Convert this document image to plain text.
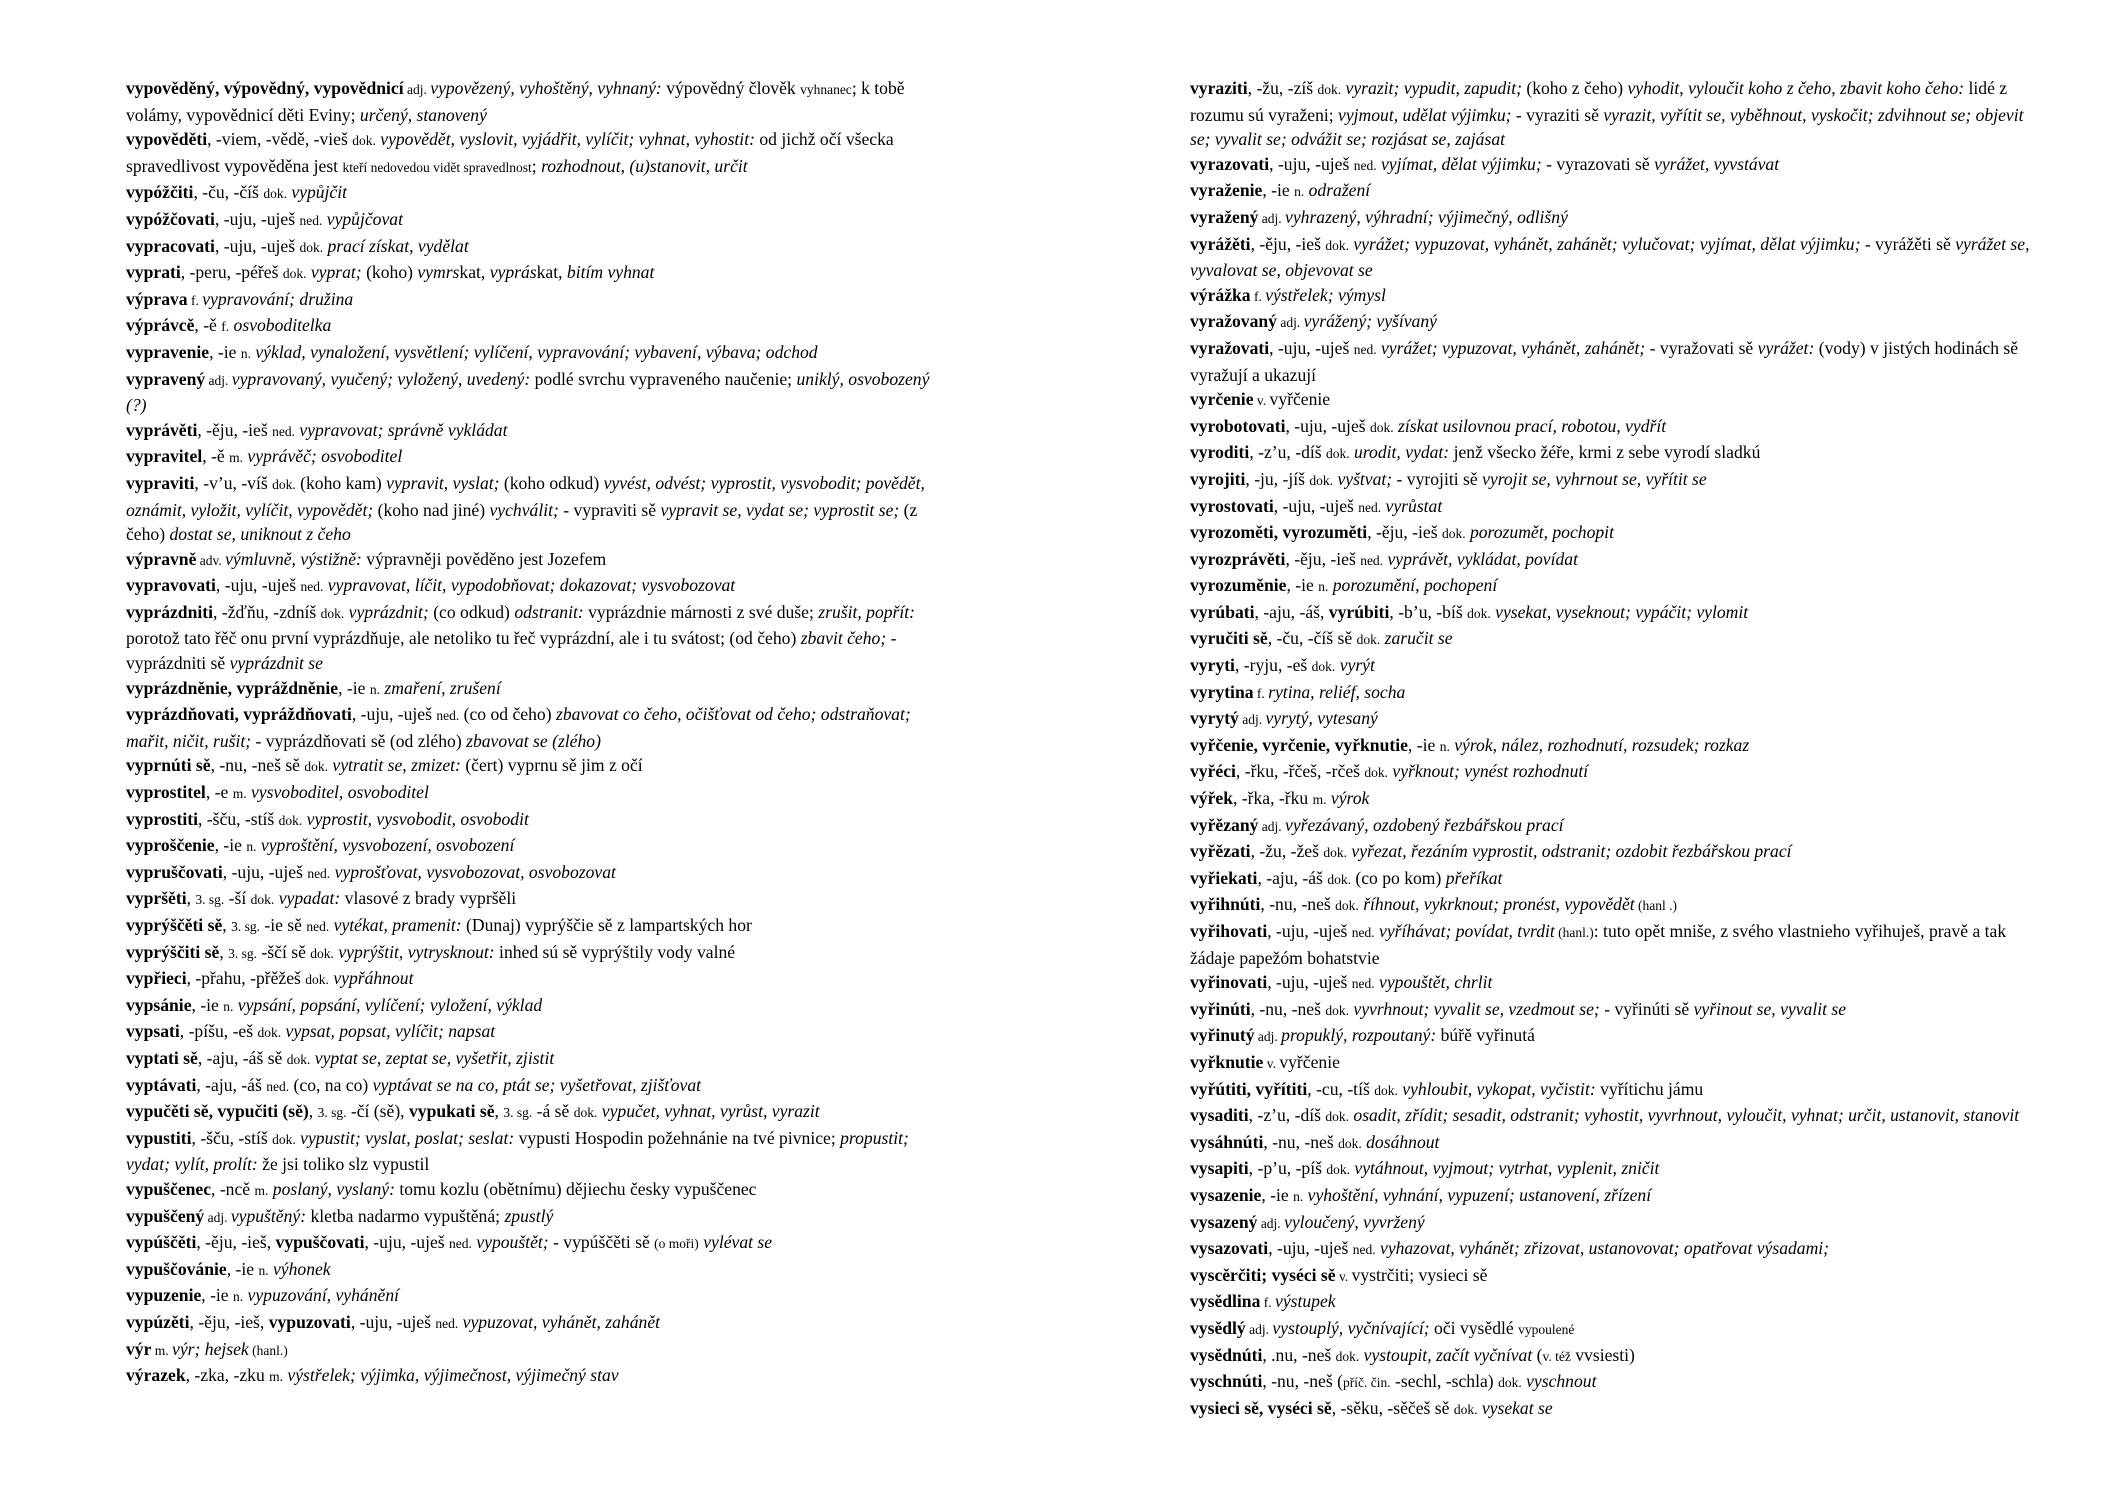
vypověděný, výpovědný, vypovědnicí adj. vypovězený, vyhoštěný, vyhnaný: výpovědný člověk vyhnanec; k tobě volámy, vypovědnicí děti Eviny; určený, stanovený

vypověděti, -viem, -vědě, -vieš dok. vypovědět, vyslovit, vyjádřit, vylíčit; vyhnat, vyhostit: od jichž očí všecka spravedlivost vypověděna jest kteří nedovedou vidět spravedlnost; rozhodnout, (u)stanovit, určit

vypóžčiti, -ču, -číš dok. vypůjčit

vypóžčovati, -uju, -uješ ned. vypůjčovat

vypracovati, -uju, -uješ dok. prací získat, vydělat

vyprati, -peru, -péřeš dok. vyprat; (koho) vymrskat, vypráskat, bitím vyhnat

výprava f. vypravování; družina

výprávcě, -ě f. osvoboditelka

vypravenie, -ie n. výklad, vynaložení, vysvětlení; vylíčení, vypravování; vybavení, výbava; odchod

vypravený adj. vypravovaný, vyučený; vyložený, uvedený: podlé svrchu vypraveného naučenie; uniklý, osvobozený (?)

vyprávěti, -ěju, -ieš ned. vypravovat; správně vykládat

vypravitel, -ě m. vyprávěč; osvoboditel

vypraviti, -v’u, -víš dok. (koho kam) vypravit, vyslat; (koho odkud) vyvést, odvést; vyprostit, vysvobodit; povědět, oznámit, vyložit, vylíčit, vypovědět; (koho nad jiné) vychválit; - vypraviti sě vypravit se, vydat se; vyprostit se; (z čeho) dostat se, uniknout z čeho

výpravně adv. výmluvně, výstižně: výpravněji pověděno jest Jozefem

vypravovati, -uju, -uješ ned. vypravovat, líčit, vypodobňovat; dokazovat; vysvobozovat

vyprázdniti, -žďňu, -zdníš dok. vyprázdnit; (co odkud) odstranit: vyprázdnie márnosti z své duše; zrušit, popřít: porotož tato řěč onu první vyprázdňuje, ale netoliko tu řeč vyprázdní, ale i tu svátost; (od čeho) zbavit čeho; - vyprázdniti sě vyprázdnit se

vyprázdněnie, vypráždněnie, -ie n. zmaření, zrušení

vyprázdňovati, vypráždňovati, -uju, -uješ ned. (co od čeho) zbavovat co čeho, očišťovat od čeho; odstraňovat; mařit, ničit, rušit; - vyprázdňovati sě (od zlého) zbavovat se (zlého)

vyprnúti sě, -nu, -neš sě dok. vytratit se, zmizet: (čert) vyprnu sě jim z očí

vyprostitel, -e m. vysvoboditel, osvoboditel

vyprostiti, -šču, -stíš dok. vyprostit, vysvobodit, osvobodit

vyproščenie, -ie n. vyproštění, vysvobození, osvobození

vypruščovati, -uju, -uješ ned. vyprošťovat, vysvobozovat, osvobozovat

vypršěti, 3. sg. -ší dok. vypadat: vlasové z brady vypršěli

vyprýščěti sě, 3. sg. -ie sě ned. vytékat, pramenit: (Dunaj) vyprýščie sě z lampartských hor

vyprýščiti sě, 3. sg. -ščí sě dok. vyprýštit, vytrysknout: inhed sú sě vyprýštily vody valné

vypřieci, -přahu, -přěžeš dok. vypřáhnout

vypsánie, -ie n. vypsání, popsání, vylíčení; vyložení, výklad

vypsati, -píšu, -eš dok. vypsat, popsat, vylíčit; napsat

vyptati sě, -aju, -áš sě dok. vyptat se, zeptat se, vyšetřit, zjistit

vyptávati, -aju, -áš ned. (co, na co) vyptávat se na co, ptát se; vyšetřovat, zjišťovat

vypučěti sě, vypučiti (sě), 3. sg. -čí (sě), vypukati sě, 3. sg. -á sě dok. vypučet, vyhnat, vyrůst, vyrazit

vypustiti, -šču, -stíš dok. vypustit; vyslat, poslat; seslat: vypusti Hospodin požehnánie na tvé pivnice; propustit; vydat; vylít, prolít: že jsi toliko slz vypustil

vypuščenec, -ncě m. poslaný, vyslaný: tomu kozlu (obětnímu) dějiechu česky vypuščenec

vypuščený adj. vypuštěný: kletba nadarmo vypuštěná; zpustlý

vypúščěti, -ěju, -ieš, vypuščovati, -uju, -uješ ned. vypouštět; - vypúščěti sě (o moři) vylévat se

vypuščovánie, -ie n. výhonek

vypuzenie, -ie n. vypuzování, vyhánění

vypúzěti, -ěju, -ieš, vypuzovati, -uju, -uješ ned. vypuzovat, vyhánět, zahánět

výr m. výr; hejsek (hanl.)

výrazek, -zka, -zku m. výstřelek; výjimka, výjimečnost, výjimečný stav

vyraziti, -žu, -zíš dok. vyrazit; vypudit, zapudit; (koho z čeho) vyhodit, vyloučit koho z čeho, zbavit koho čeho: lidé z rozumu sú vyraženi; vyjmout, udělat výjimku; - vyraziti sě vyrazit, vyřítit se, vyběhnout, vyskočit; zdvihnout se; objevit se; vyvalit se; odvážit se; rozjásat se, zajásat

vyrazovati, -uju, -uješ ned. vyjímat, dělat výjimku; - vyrazovati sě vyrážet, vyvstávat

vyraženie, -ie n. odražení

vyražený adj. vyhrazený, výhradní; výjimečný, odlišný

vyrážěti, -ěju, -ieš dok. vyrážet; vypuzovat, vyhánět, zahánět; vylučovat; vyjímat, dělat výjimku; - vyrážěti sě vyrážet se, vyvalovat se, objevovat se

výrážka f. výstřelek; výmysl

vyražovaný adj. vyrážený; vyšívaný

vyražovati, -uju, -uješ ned. vyrážet; vypuzovat, vyhánět, zahánět; - vyražovati sě vyrážet: (vody) v jistých hodinách sě vyražují a ukazují

vyrčenie v. vyřčenie

vyrobotovati, -uju, -uješ dok. získat usilovnou prací, robotou, vydřít

vyroditi, -z’u, -díš dok. urodit, vydat: jenž všecko žéře, krmi z sebe vyrodí sladkú

vyrojiti, -ju, -jíš dok. vyštvat; - vyrojiti sě vyrojit se, vyhrnout se, vyřítit se

vyrostovati, -uju, -uješ ned. vyrůstat

vyrozoměti, vyrozuměti, -ěju, -ieš dok. porozumět, pochopit

vyrozprávěti, -ěju, -ieš ned. vyprávět, vykládat, povídat

vyrozuměnie, -ie n. porozumění, pochopení

vyrúbati, -aju, -áš, vyrúbiti, -b’u, -bíš dok. vysekat, vyseknout; vypáčit; vylomit

vyručiti sě, -ču, -číš sě dok. zaručit se

vyryti, -ryju, -eš dok. vyrýt

vyrytina f. rytina, reliéf, socha

vyrytý adj. vyrytý, vytesaný

vyřčenie, vyrčenie, vyřknutie, -ie n. výrok, nález, rozhodnutí, rozsudek; rozkaz

vyřéci, -řku, -řčeš, -rčeš dok. vyřknout; vynést rozhodnutí

výřek, -řka, -řku m. výrok

vyřězaný adj. vyřezávaný, ozdobený řezbářskou prací

vyřězati, -žu, -žeš dok. vyřezat, řezáním vyprostit, odstranit; ozdobit řezbářskou prací

vyřiekati, -aju, -áš dok. (co po kom) přeříkat

vyřihnúti, -nu, -neš dok. říhnout, vykrknout; pronést, vypovědět (hanl .)

vyřihovati, -uju, -uješ ned. vyříhávat; povídat, tvrdit (hanl.): tuto opět mniše, z svého vlastnieho vyřihuješ, pravě a tak žádaje papežóm bohatstvie

vyřinovati, -uju, -uješ ned. vypouštět, chrlit

vyřinúti, -nu, -neš dok. vyvrhnout; vyvalit se, vzedmout se; - vyřinúti sě vyřinout se, vyvalit se

vyřinutý adj. propuklý, rozpoutaný: búřě vyřinutá

vyřknutie v. vyřčenie

vyřútiti, vyřítiti, -cu, -tíš dok. vyhloubit, vykopat, vyčistit: vyřítichu jámu

vysaditi, -z’u, -díš dok. osadit, zřídit; sesadit, odstranit; vyhostit, vyvrhnout, vyloučit, vyhnat; určit, ustanovit, stanovit

vysáhnúti, -nu, -neš dok. dosáhnout

vysapiti, -p’u, -píš dok. vytáhnout, vyjmout; vytrhat, vyplenit, zničit

vysazenie, -ie n. vyhoštění, vyhnání, vypuzení; ustanovení, zřízení

vysazený adj. vyloučený, vyvržený

vysazovati, -uju, -uješ ned. vyhazovat, vyhánět; zřizovat, ustanovovat; opatřovat výsadami;

vyscěrčiti; vyséci sě v. vystrčiti; vysieci sě

vysědlina f. výstupek

vysědlý adj. vystouplý, vyčnívající; oči vysědlé vypoulené

vysědnúti, .nu, -neš dok. vystoupit, začít vyčnívat (v. též vvsiesti)

vyschnúti, -nu, -neš (příč. čin. -sechl, -schla) dok. vyschnout

vysieci sě, vyséci sě, -sěku, -sěčeš sě dok. vysekat se
